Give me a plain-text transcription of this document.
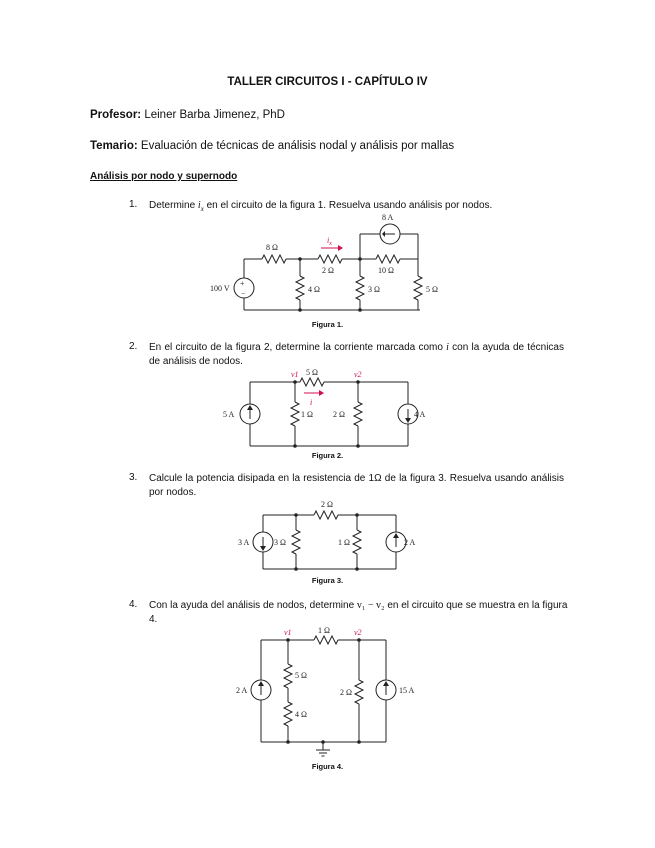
TALLER CIRCUITOS I - CAPÍTULO IV
Profesor: Leiner Barba Jimenez, PhD
Temario: Evaluación de técnicas de análisis nodal y análisis por mallas
Análisis por nodo y supernodo
1. Determine $i_x$ en el circuito de la figura 1. Resuelva usando análisis por nodos.
+
−
100 V
8 Ω
2 Ω
$i_x$
10 Ω
8 A
4 Ω	3 Ω	5 Ω
Figura 1.
2. En el circuito de la figura 2, determine la corriente marcada como i con la ayuda de técnicas de análisis de nodos.
v1	v2
5 Ω
i
5 A	1 Ω	2 Ω	4 A
Figura 2.
3. Calcule la potencia disipada en la resistencia de 1Ω de la figura 3. Resuelva usando análisis por nodos.
2 Ω
3 A	3 Ω	1 Ω	2 A
Figura 3.
4. Con la ayuda del análisis de nodos, determine v₁ − v₂ en el circuito que se muestra en la figura 4.
v1	v2
1 Ω
2 A
5 Ω
4 Ω
2 Ω	15 A
Figura 4.
